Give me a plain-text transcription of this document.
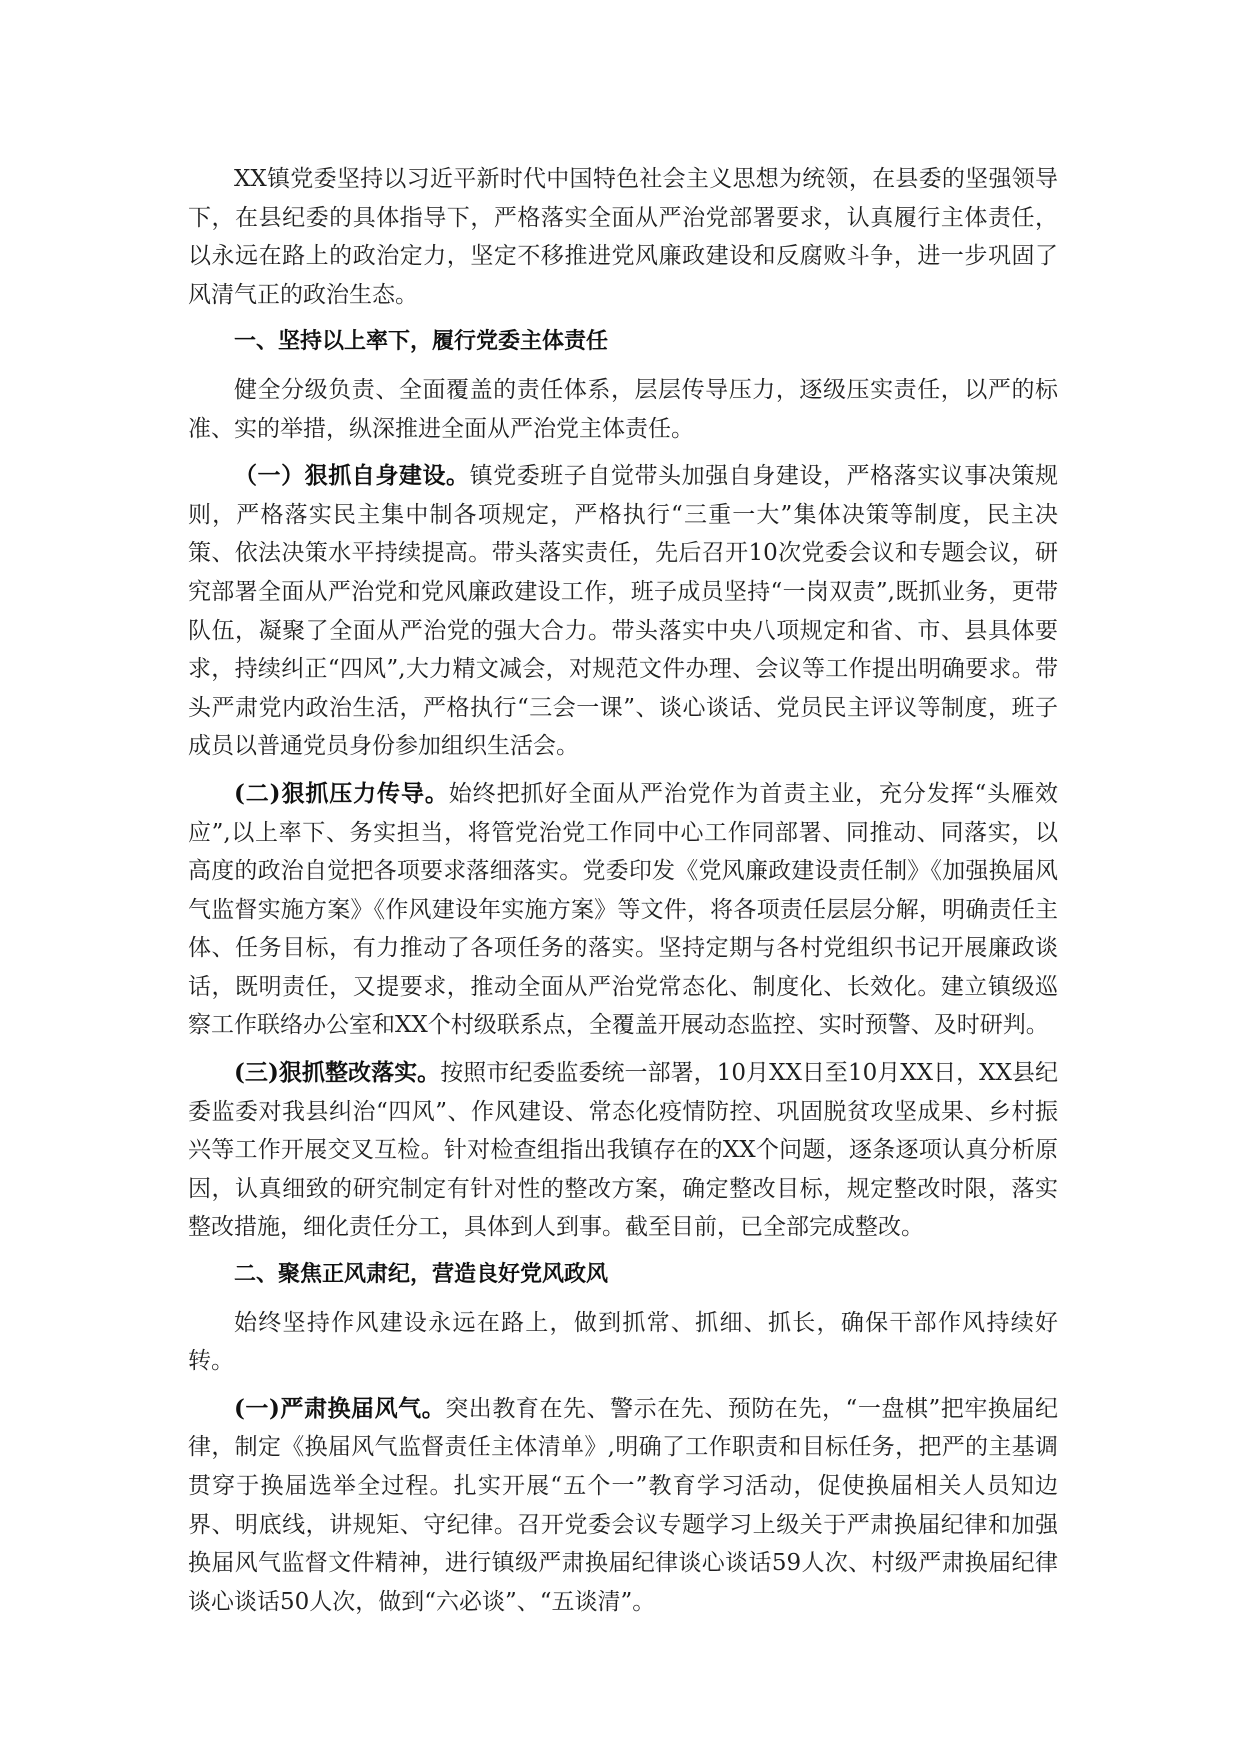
XX镇党委坚持以习近平新时代中国特色社会主义思想为统领，在县委的坚强领导下，在县纪委的具体指导下，严格落实全面从严治党部署要求，认真履行主体责任，以永远在路上的政治定力，坚定不移推进党风廉政建设和反腐败斗争，进一步巩固了风清气正的政治生态。

一、坚持以上率下，履行党委主体责任

健全分级负责、全面覆盖的责任体系，层层传导压力，逐级压实责任，以严的标准、实的举措，纵深推进全面从严治党主体责任。

（一）狠抓自身建设。镇党委班子自觉带头加强自身建设，严格落实议事决策规则，严格落实民主集中制各项规定，严格执行“三重一大”集体决策等制度，民主决策、依法决策水平持续提高。带头落实责任，先后召开10次党委会议和专题会议，研究部署全面从严治党和党风廉政建设工作，班子成员坚持“一岗双责”,既抓业务，更带队伍，凝聚了全面从严治党的强大合力。带头落实中央八项规定和省、市、县具体要求，持续纠正“四风”,大力精文减会，对规范文件办理、会议等工作提出明确要求。带头严肃党内政治生活，严格执行“三会一课”、谈心谈话、党员民主评议等制度，班子成员以普通党员身份参加组织生活会。

(二)狠抓压力传导。始终把抓好全面从严治党作为首责主业，充分发挥“头雁效应”,以上率下、务实担当，将管党治党工作同中心工作同部署、同推动、同落实，以高度的政治自觉把各项要求落细落实。党委印发《党风廉政建设责任制》《加强换届风气监督实施方案》《作风建设年实施方案》等文件，将各项责任层层分解，明确责任主体、任务目标，有力推动了各项任务的落实。坚持定期与各村党组织书记开展廉政谈话，既明责任，又提要求，推动全面从严治党常态化、制度化、长效化。建立镇级巡察工作联络办公室和XX个村级联系点，全覆盖开展动态监控、实时预警、及时研判。

(三)狠抓整改落实。按照市纪委监委统一部署，10月XX日至10月XX日，XX县纪委监委对我县纠治“四风”、作风建设、常态化疫情防控、巩固脱贫攻坚成果、乡村振兴等工作开展交叉互检。针对检查组指出我镇存在的XX个问题，逐条逐项认真分析原因，认真细致的研究制定有针对性的整改方案，确定整改目标，规定整改时限，落实整改措施，细化责任分工，具体到人到事。截至目前，已全部完成整改。

二、聚焦正风肃纪，营造良好党风政风

始终坚持作风建设永远在路上，做到抓常、抓细、抓长，确保干部作风持续好转。

(一)严肃换届风气。突出教育在先、警示在先、预防在先，“一盘棋”把牢换届纪律，制定《换届风气监督责任主体清单》,明确了工作职责和目标任务，把严的主基调贯穿于换届选举全过程。扎实开展“五个一”教育学习活动，促使换届相关人员知边界、明底线，讲规矩、守纪律。召开党委会议专题学习上级关于严肃换届纪律和加强换届风气监督文件精神，进行镇级严肃换届纪律谈心谈话59人次、村级严肃换届纪律谈心谈话50人次，做到“六必谈”、“五谈清”。
